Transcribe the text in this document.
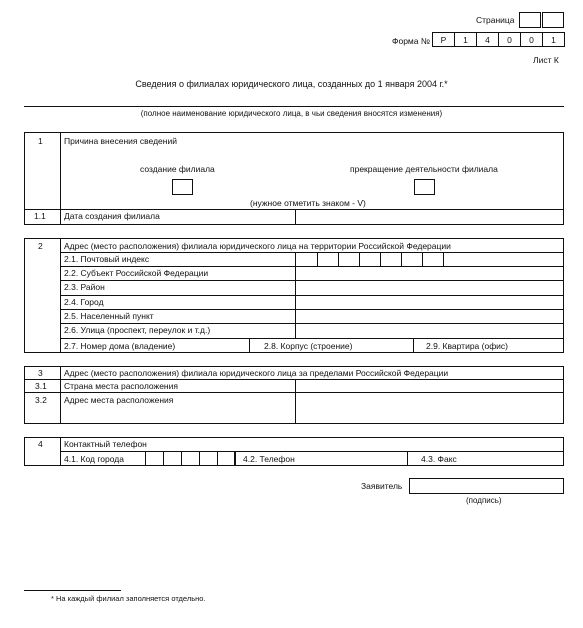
Страница
Форма №	Р	1	4	0	0	1
Лист К
Сведения о филиалах юридического лица, созданных до 1 января 2004 г.*
(полное наименование юридического лица, в чьи сведения вносятся изменения)
1	Причина внесения сведений
создание филиала	прекращение деятельности филиала
(нужное отметить знаком - V)
1.1 Дата создания филиала
2	Адрес (место расположения) филиала юридического лица на территории Российской Федерации
2.1. Почтовый индекс
2.2. Субъект Российской Федерации
2.3. Район
2.4. Город
2.5. Населенный пункт
2.6. Улица (проспект, переулок и т.д.)
2.7. Номер дома (владение)	2.8. Корпус (строение)	2.9. Квартира (офис)
3	Адрес (место расположения) филиала юридического лица за пределами Российской Федерации
3.1 Страна места расположения
3.2 Адрес места расположения
4	Контактный телефон
4.1. Код города	4.2. Телефон	4.3. Факс
Заявитель
(подпись)
* На каждый филиал заполняется отдельно.
